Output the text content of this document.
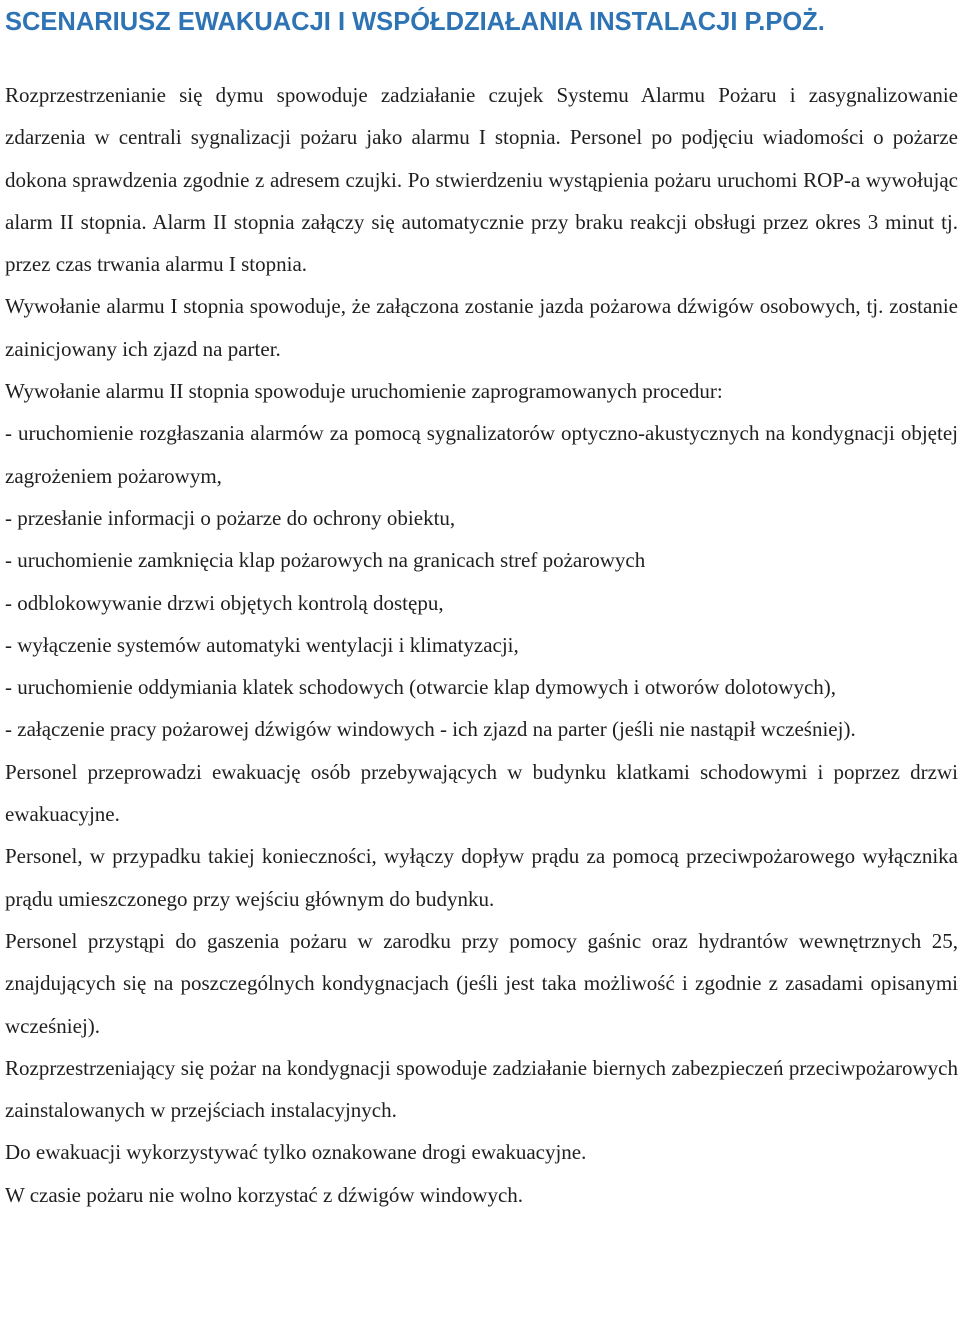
SCENARIUSZ EWAKUACJI I WSPÓŁDZIAŁANIA INSTALACJI P.POŻ.

Rozprzestrzenianie się dymu spowoduje zadziałanie czujek Systemu Alarmu Pożaru i zasygnalizowanie zdarzenia w centrali sygnalizacji pożaru jako alarmu I stopnia. Personel po podjęciu wiadomości o pożarze dokona sprawdzenia zgodnie z adresem czujki. Po stwierdzeniu wystąpienia pożaru uruchomi ROP-a wywołując alarm II stopnia. Alarm II stopnia załączy się automatycznie przy braku reakcji obsługi przez okres 3 minut tj. przez czas trwania alarmu I stopnia.

Wywołanie alarmu I stopnia spowoduje, że załączona zostanie jazda pożarowa dźwigów osobowych, tj. zostanie zainicjowany ich zjazd na parter.

Wywołanie alarmu II stopnia spowoduje uruchomienie zaprogramowanych procedur:

- uruchomienie rozgłaszania alarmów za pomocą sygnalizatorów optyczno-akustycznych na kondygnacji objętej zagrożeniem pożarowym,

- przesłanie informacji o pożarze do ochrony obiektu,

- uruchomienie zamknięcia klap pożarowych na granicach stref pożarowych

- odblokowywanie drzwi objętych kontrolą dostępu,

- wyłączenie systemów automatyki wentylacji i klimatyzacji,

- uruchomienie oddymiania klatek schodowych (otwarcie klap dymowych i otworów dolotowych),

- załączenie pracy pożarowej dźwigów windowych - ich zjazd na parter (jeśli nie nastąpił wcześniej).

Personel przeprowadzi ewakuację osób przebywających w budynku klatkami schodowymi i poprzez drzwi ewakuacyjne.

Personel, w przypadku takiej konieczności, wyłączy dopływ prądu za pomocą przeciwpożarowego wyłącznika prądu umieszczonego przy wejściu głównym do budynku.

Personel przystąpi do gaszenia pożaru w zarodku przy pomocy gaśnic oraz hydrantów wewnętrznych 25, znajdujących się na poszczególnych kondygnacjach (jeśli jest taka możliwość i zgodnie z zasadami opisanymi wcześniej).

Rozprzestrzeniający się pożar na kondygnacji spowoduje zadziałanie biernych zabezpieczeń przeciwpożarowych zainstalowanych w przejściach instalacyjnych.

Do ewakuacji wykorzystywać tylko oznakowane drogi ewakuacyjne.

W czasie pożaru nie wolno korzystać z dźwigów windowych.
